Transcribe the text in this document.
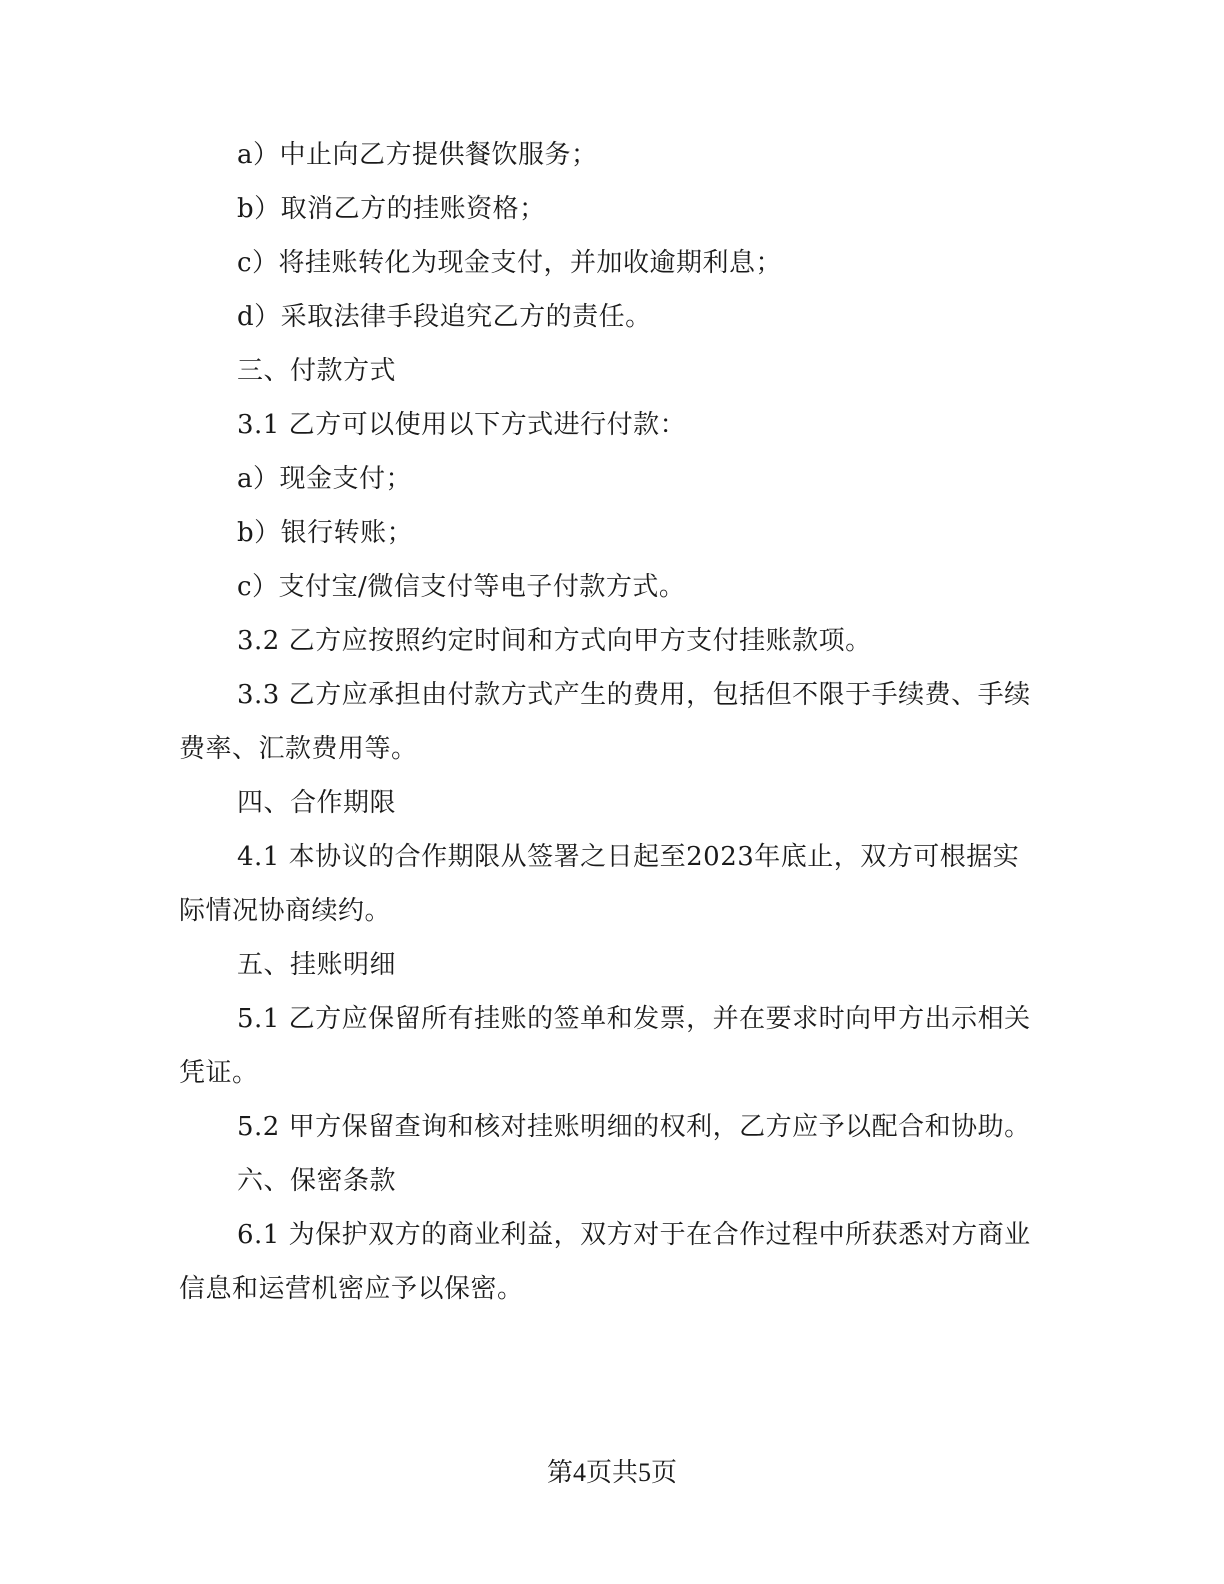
a）中止向乙方提供餐饮服务；

b）取消乙方的挂账资格；

c）将挂账转化为现金支付，并加收逾期利息；

d）采取法律手段追究乙方的责任。

三、付款方式

3.1 乙方可以使用以下方式进行付款：

a）现金支付；

b）银行转账；

c）支付宝/微信支付等电子付款方式。

3.2 乙方应按照约定时间和方式向甲方支付挂账款项。

3.3 乙方应承担由付款方式产生的费用，包括但不限于手续费、手续费率、汇款费用等。

四、合作期限

4.1 本协议的合作期限从签署之日起至2023年底止，双方可根据实际情况协商续约。

五、挂账明细

5.1 乙方应保留所有挂账的签单和发票，并在要求时向甲方出示相关凭证。

5.2 甲方保留查询和核对挂账明细的权利，乙方应予以配合和协助。

六、保密条款

6.1 为保护双方的商业利益，双方对于在合作过程中所获悉对方商业信息和运营机密应予以保密。

第4页共5页
